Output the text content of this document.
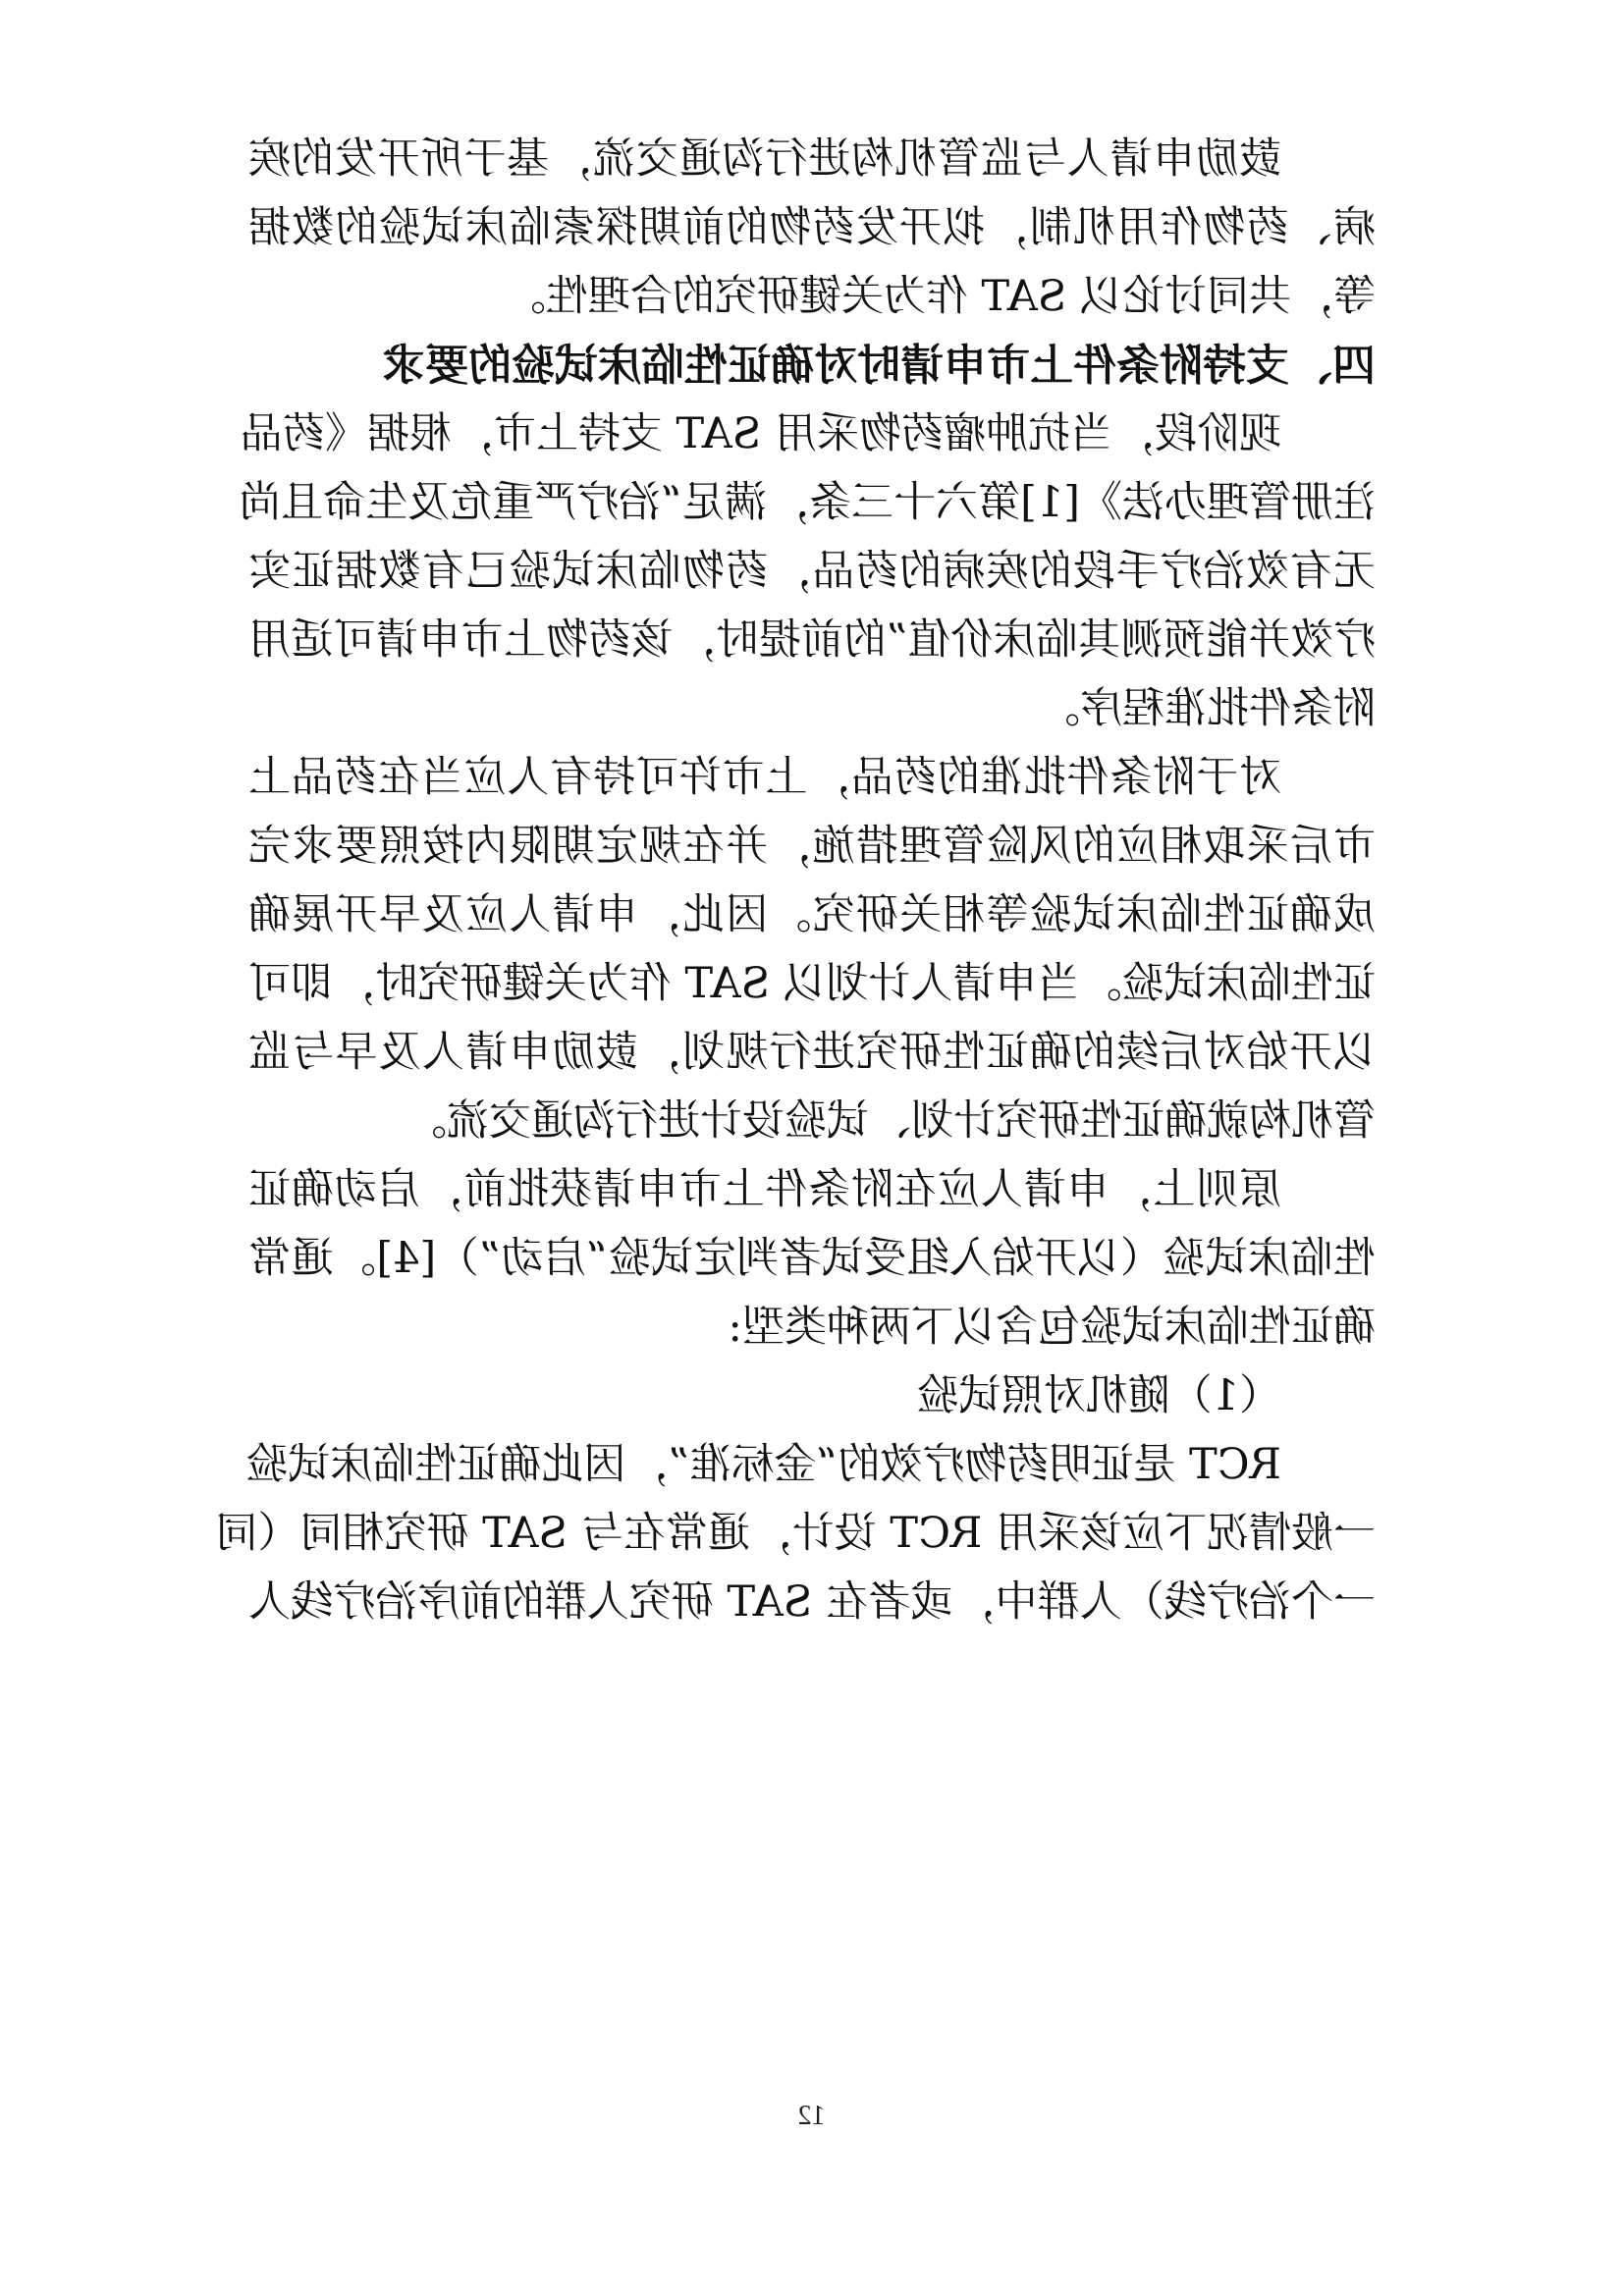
鼓励申请人与监管机构进行沟通交流，基于所开发的疾
病、药物作用机制，拟开发药物的前期探索临床试验的数据
等，共同讨论以 SAT 作为关键研究的合理性。
四、支持附条件上市申请时对确证性临床试验的要求
现阶段，当抗肿瘤药物采用 SAT 支持上市，根据《药品
注册管理办法》[1]第六十三条，满足“治疗严重危及生命且尚
无有效治疗手段的疾病的药品，药物临床试验已有数据证实
疗效并能预测其临床价值”的前提时，该药物上市申请可适用
附条件批准程序。
对于附条件批准的药品，上市许可持有人应当在药品上
市后采取相应的风险管理措施，并在规定期限内按照要求完
成确证性临床试验等相关研究。因此，申请人应及早开展确
证性临床试验。当申请人计划以 SAT 作为关键研究时，即可
以开始对后续的确证性研究进行规划，鼓励申请人及早与监
管机构就确证性研究计划、试验设计进行沟通交流。
原则上，申请人应在附条件上市申请获批前，启动确证
性临床试验（以开始入组受试者判定试验“启动”）[4]。通常
确证性临床试验包含以下两种类型:
（1）随机对照试验
RCT 是证明药物疗效的“金标准”，因此确证性临床试验
一般情况下应该采用 RCT 设计，通常在与 SAT 研究相同（同
一个治疗线）人群中，或者在 SAT 研究人群的前序治疗线人
12
